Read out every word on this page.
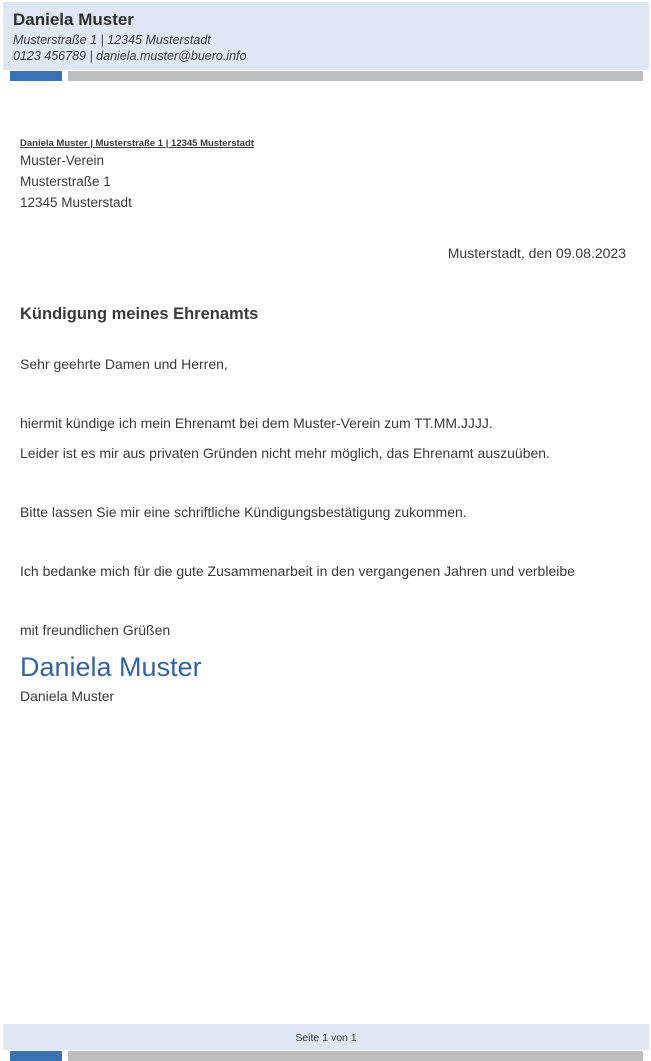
Daniela Muster
Musterstraße 1 | 12345 Musterstadt
0123 456789 | daniela.muster@buero.info
Daniela Muster | Musterstraße 1 | 12345 Musterstadt
Muster-Verein
Musterstraße 1
12345 Musterstadt
Musterstadt, den 09.08.2023
Kündigung meines Ehrenamts
Sehr geehrte Damen und Herren,
hiermit kündige ich mein Ehrenamt bei dem Muster-Verein zum TT.MM.JJJJ.
Leider ist es mir aus privaten Gründen nicht mehr möglich, das Ehrenamt auszuüben.
Bitte lassen Sie mir eine schriftliche Kündigungsbestätigung zukommen.
Ich bedanke mich für die gute Zusammenarbeit in den vergangenen Jahren und verbleibe
mit freundlichen Grüßen
Daniela Muster
Daniela Muster
Seite 1 von 1
